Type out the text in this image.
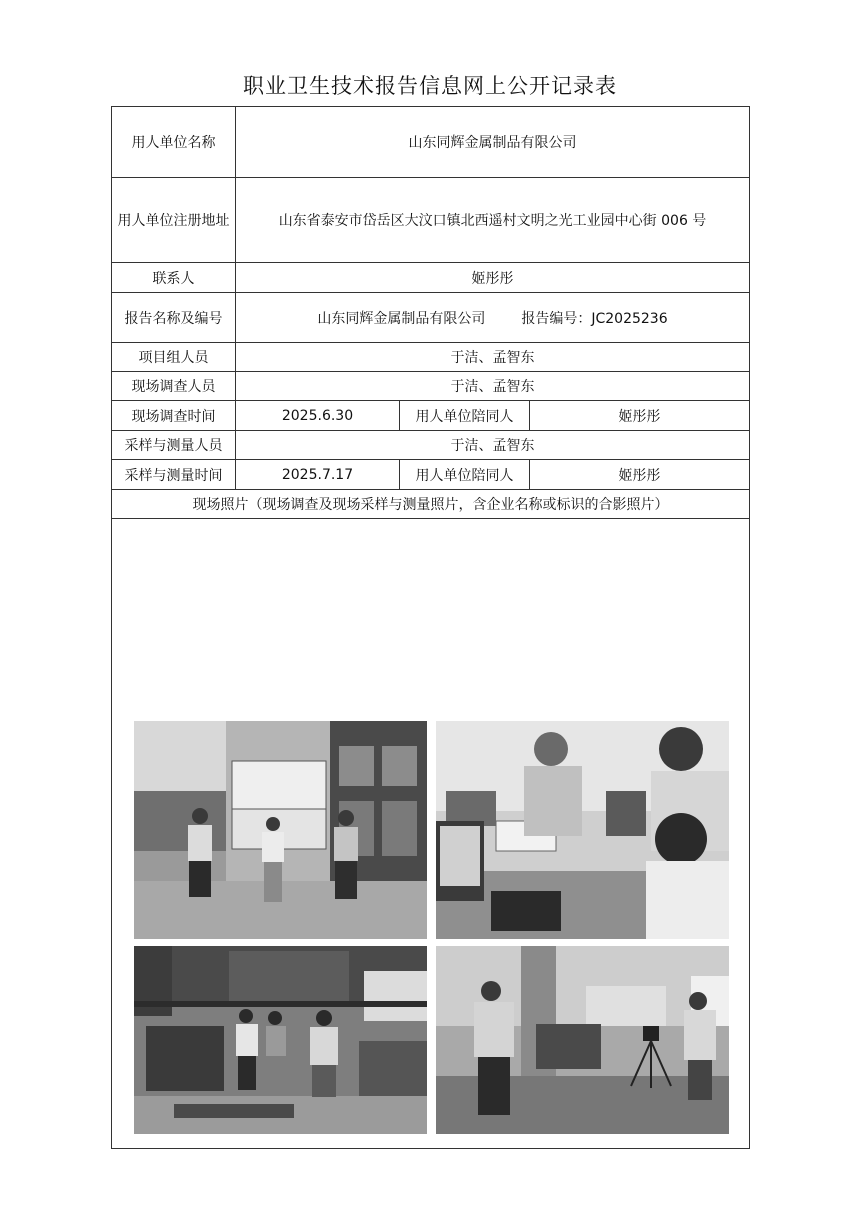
职业卫生技术报告信息网上公开记录表
用人单位名称	山东同辉金属制品有限公司
用人单位注册地址	山东省泰安市岱岳区大汶口镇北西遥村文明之光工业园中心街 006 号
联系人	姬彤彤
报告名称及编号	山东同辉金属制品有限公司	报告编号：JC2025236
项目组人员	于洁、孟智东
现场调查人员	于洁、孟智东
现场调查时间	2025.6.30	用人单位陪同人	姬彤彤
采样与测量人员	于洁、孟智东
采样与测量时间	2025.7.17	用人单位陪同人	姬彤彤
现场照片（现场调查及现场采样与测量照片，含企业名称或标识的合影照片）
